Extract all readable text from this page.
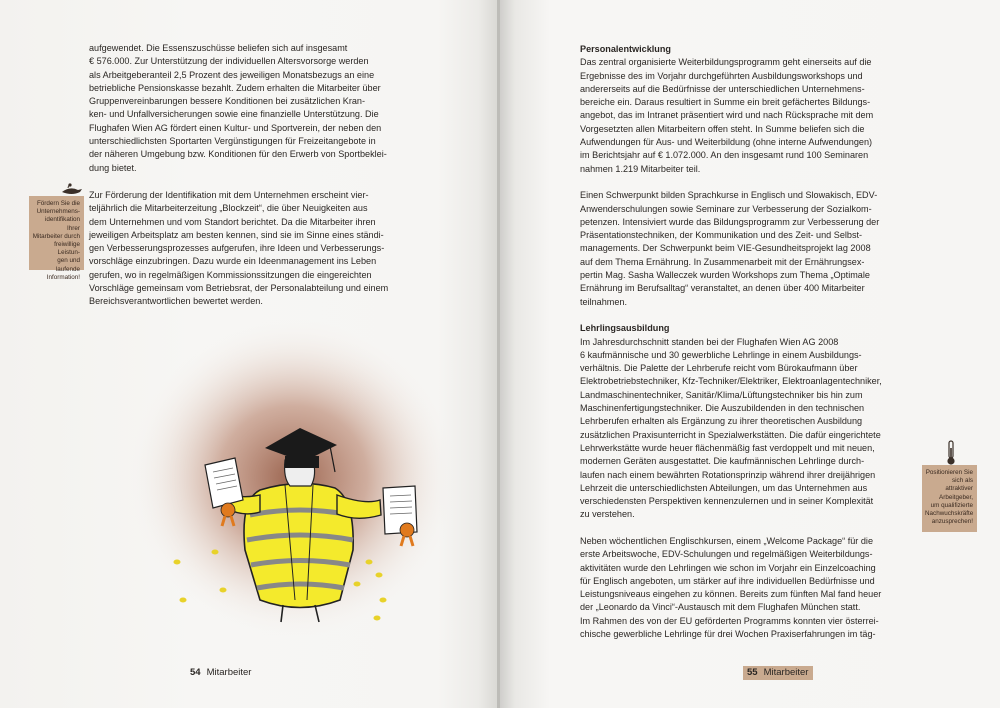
aufgewendet. Die Essenszuschüsse beliefen sich auf insgesamt
€ 576.000. Zur Unterstützung der individuellen Altersvorsorge werden
als Arbeitgeberanteil 2,5 Prozent des jeweiligen Monatsbezugs an eine
betriebliche Pensionskasse bezahlt. Zudem erhalten die Mitarbeiter über
Gruppenvereinbarungen bessere Konditionen bei zusätzlichen Kran-
ken- und Unfallversicherungen sowie eine finanzielle Unterstützung. Die
Flughafen Wien AG fördert einen Kultur- und Sportverein, der neben den
unterschiedlichsten Sportarten Vergünstigungen für Freizeitangebote in
der näheren Umgebung bzw. Konditionen für den Erwerb von Sportbeklei-
dung bietet.

Zur Förderung der Identifikation mit dem Unternehmen erscheint vier-
teljährlich die Mitarbeiterzeitung „Blockzeit“, die über Neuigkeiten aus
dem Unternehmen und vom Standort berichtet. Da die Mitarbeiter ihren
jeweiligen Arbeitsplatz am besten kennen, sind sie im Sinne eines ständi-
gen Verbesserungsprozesses aufgerufen, ihre Ideen und Verbesserungs-
vorschläge einzubringen. Dazu wurde ein Ideenmanagement ins Leben
gerufen, wo in regelmäßigen Kommissionssitzungen die eingereichten
Vorschläge gemeinsam vom Betriebsrat, der Personalabteilung und einem
Bereichsverantwortlichen bewertet werden.

Fördern Sie die
Unternehmens-
identifikation Ihrer
Mitarbeiter durch
freiwillige Leistun-
gen und laufende
Information!
54 Mitarbeiter
Personalentwicklung

Das zentral organisierte Weiterbildungsprogramm geht einerseits auf die
Ergebnisse des im Vorjahr durchgeführten Ausbildungsworkshops und
andererseits auf die Bedürfnisse der unterschiedlichen Unternehmens-
bereiche ein. Daraus resultiert in Summe ein breit gefächertes Bildungs-
angebot, das im Intranet präsentiert wird und nach Rücksprache mit dem
Vorgesetzten allen Mitarbeitern offen steht. In Summe beliefen sich die
Aufwendungen für Aus- und Weiterbildung (ohne interne Aufwendungen)
im Berichtsjahr auf € 1.072.000. An den insgesamt rund 100 Seminaren
nahmen 1.219 Mitarbeiter teil.

Einen Schwerpunkt bilden Sprachkurse in Englisch und Slowakisch, EDV-
Anwenderschulungen sowie Seminare zur Verbesserung der Sozialkom-
petenzen. Intensiviert wurde das Bildungsprogramm zur Verbesserung der
Präsentationstechniken, der Kommunikation und des Zeit- und Selbst-
managements. Der Schwerpunkt beim VIE-Gesundheitsprojekt lag 2008
auf dem Thema Ernährung. In Zusammenarbeit mit der Ernährungsex-
pertin Mag. Sasha Walleczek wurden Workshops zum Thema „Optimale
Ernährung im Berufsalltag“ veranstaltet, an denen über 400 Mitarbeiter
teilnahmen.

Lehrlingsausbildung

Im Jahresdurchschnitt standen bei der Flughafen Wien AG 2008
6 kaufmännische und 30 gewerbliche Lehrlinge in einem Ausbildungs-
verhältnis. Die Palette der Lehrberufe reicht vom Bürokaufmann über
Elektrobetriebstechniker, Kfz-Techniker/Elektriker, Elektroanlagentechniker,
Landmaschinentechniker, Sanitär/Klima/Lüftungstechniker bis hin zum
Maschinenfertigungstechniker. Die Auszubildenden in den technischen
Lehrberufen erhalten als Ergänzung zu ihrer theoretischen Ausbildung
zusätzlichen Praxisunterricht in Spezialwerkstätten. Die dafür eingerichtete
Lehrwerkstätte wurde heuer flächenmäßig fast verdoppelt und mit neuen,
modernen Geräten ausgestattet. Die kaufmännischen Lehrlinge durch-
laufen nach einem bewährten Rotationsprinzip während ihrer dreijährigen
Lehrzeit die unterschiedlichsten Abteilungen, um das Unternehmen aus
verschiedensten Perspektiven kennenzulernen und in seiner Komplexität
zu verstehen.

Neben wöchentlichen Englischkursen, einem „Welcome Package“ für die
erste Arbeitswoche, EDV-Schulungen und regelmäßigen Weiterbildungs-
aktivitäten wurde den Lehrlingen wie schon im Vorjahr ein Einzelcoaching
für Englisch angeboten, um stärker auf ihre individuellen Bedürfnisse und
Leistungsniveaus eingehen zu können. Bereits zum fünften Mal fand heuer
der „Leonardo da Vinci“-Austausch mit dem Flughafen München statt.
Im Rahmen des von der EU geförderten Programms konnten vier österrei-
chische gewerbliche Lehrlinge für drei Wochen Praxiserfahrungen im täg-

Positionieren Sie
sich als attraktiver
Arbeitgeber,
um qualifizierte
Nachwuchskräfte
anzusprechen!
55 Mitarbeiter
